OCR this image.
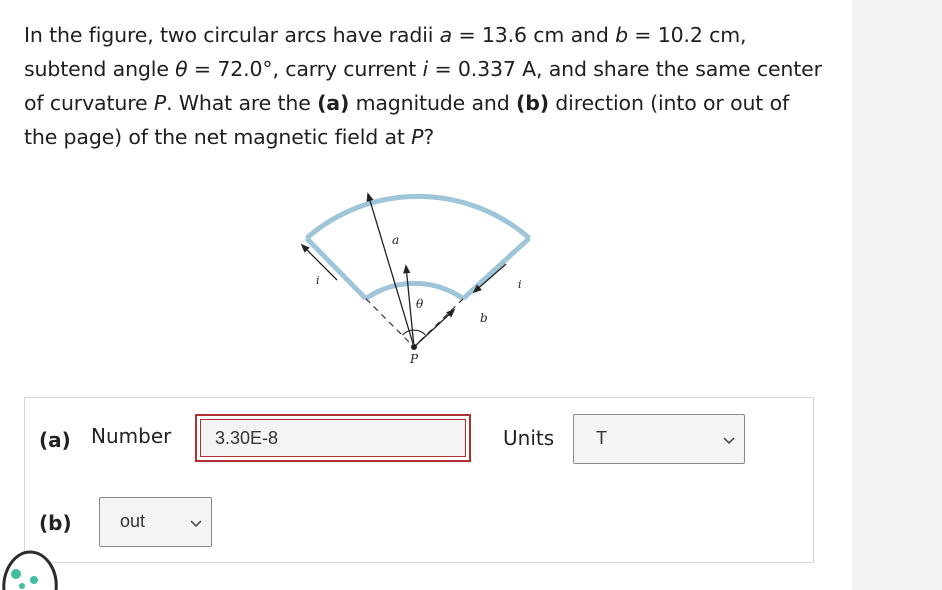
In the figure, two circular arcs have radii a = 13.6 cm and b = 10.2 cm, subtend angle θ = 72.0°, carry current i = 0.337 A, and share the same center of curvature P. What are the (a) magnitude and (b) direction (into or out of the page) of the net magnetic field at P?
a
b
θ
P
i	i
(a) Number 3.30E-8	Units T
(b)	out
